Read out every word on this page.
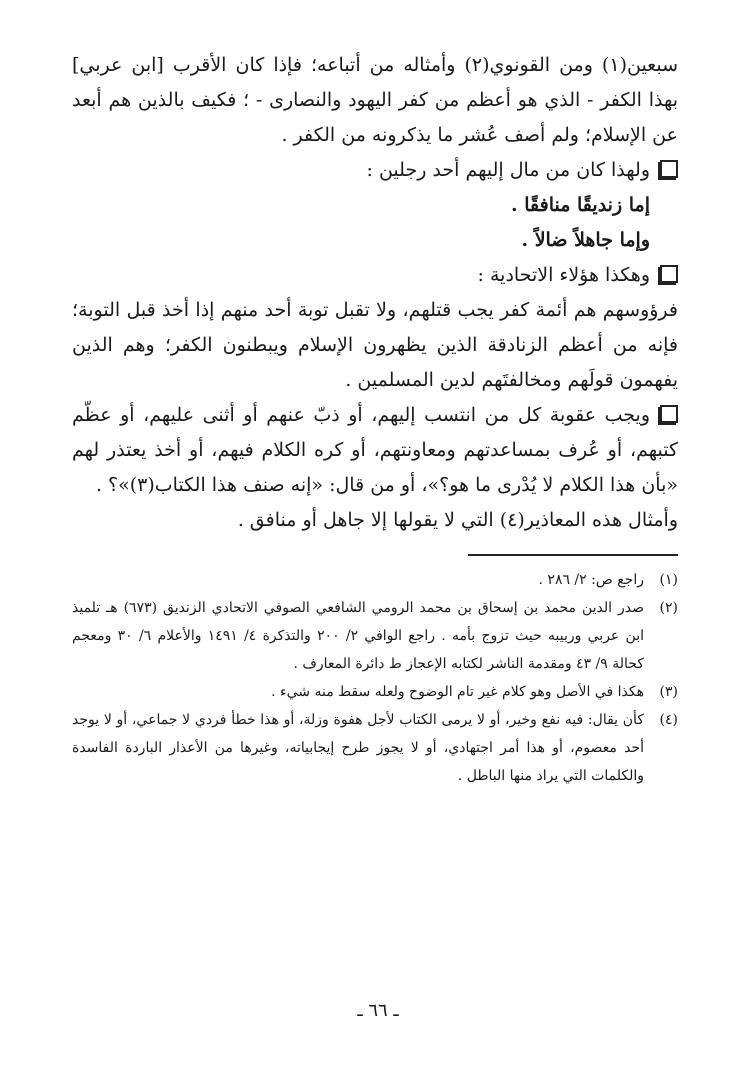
سبعين(١) ومن القونوي(٢) وأمثاله من أتباعه؛ فإذا كان الأقرب [ابن عربي] بهذا الكفر - الذي هو أعظم من كفر اليهود والنصارى - ؛ فكيف بالذين هم أبعد عن الإسلام؛ ولم أصف عُشر ما يذكرونه من الكفر .

ولهذا كان من مال إليهم أحد رجلين :

إما زنديقًا منافقًا .

وإما جاهلاً ضالاً .

وهكذا هؤلاء الاتحادية :

فرؤوسهم هم أئمة كفر يجب قتلهم، ولا تقبل توبة أحد منهم إذا أخذ قبل التوبة؛ فإنه من أعظم الزنادقة الذين يظهرون الإسلام ويبطنون الكفر؛ وهم الذين يفهمون قولَهم ومخالفتَهم لدين المسلمين .

ويجب عقوبة كل من انتسب إليهم، أو ذبّ عنهم أو أثنى عليهم، أو عظّم كتبهم، أو عُرف بمساعدتهم ومعاونتهم، أو كره الكلام فيهم، أو أخذ يعتذر لهم «بأن هذا الكلام لا يُدْرى ما هو؟»، أو من قال: «إنه صنف هذا الكتاب(٣)»؟ .

وأمثال هذه المعاذير(٤) التي لا يقولها إلا جاهل أو منافق .

(١)
راجع ص: ٢/ ٢٨٦ .
(٢)
صدر الدين محمد بن إسحاق بن محمد الرومي الشافعي الصوفي الاتحادي الزنديق (٦٧٣) هـ تلميذ ابن عربي وربيبه حيث تزوج بأمه . راجع الوافي ٢/ ٢٠٠ والتذكرة ٤/ ١٤٩١ والأعلام ٦/ ٣٠ ومعجم كحالة ٩/ ٤٣ ومقدمة الناشر لكتابه الإعجاز ط دائرة المعارف .
(٣)
هكذا في الأصل وهو كلام غير تام الوضوح ولعله سقط منه شيء .
(٤)
كأن يقال: فيه نفع وخير، أو لا يرمى الكتاب لأجل هفوة وزلة، أو هذا خطأ فردي لا جماعي، أو لا يوجد أحد معصوم، أو هذا أمر اجتهادي، أو لا يجوز طرح إيجابياته، وغيرها من الأعذار الباردة الفاسدة والكلمات التي يراد منها الباطل .
ـ ٦٦ ـ
